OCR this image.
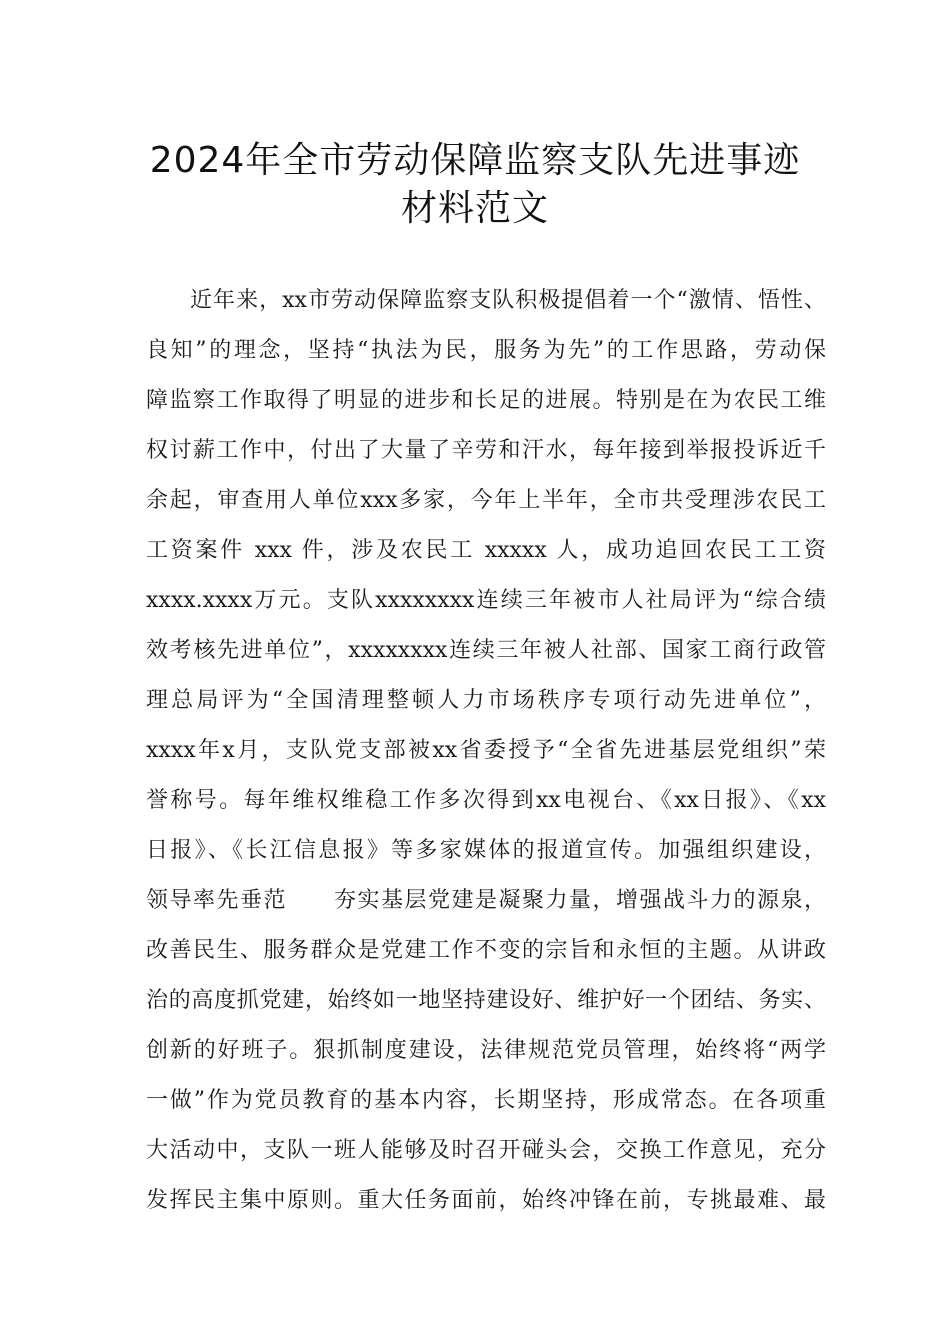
2024年全市劳动保障监察支队先进事迹
材料范文
近年来，xx市劳动保障监察支队积极提倡着一个“激情、悟性、
良知”的理念，坚持“执法为民，服务为先”的工作思路，劳动保
障监察工作取得了明显的进步和长足的进展。特别是在为农民工维
权讨薪工作中，付出了大量了辛劳和汗水，每年接到举报投诉近千
余起，审查用人单位xxx多家，今年上半年，全市共受理涉农民工
工资案件 xxx 件，涉及农民工 xxxxx 人，成功追回农民工工资
xxxx.xxxx万元。支队xxxxxxxx连续三年被市人社局评为“综合绩
效考核先进单位”，xxxxxxxx连续三年被人社部、国家工商行政管
理总局评为“全国清理整顿人力市场秩序专项行动先进单位”，
xxxx年x月，支队党支部被xx省委授予“全省先进基层党组织”荣
誉称号。每年维权维稳工作多次得到xx电视台、《xx日报》、《xx
日报》、《长江信息报》等多家媒体的报道宣传。加强组织建设，
领导率先垂范　　夯实基层党建是凝聚力量，增强战斗力的源泉，
改善民生、服务群众是党建工作不变的宗旨和永恒的主题。从讲政
治的高度抓党建，始终如一地坚持建设好、维护好一个团结、务实、
创新的好班子。狠抓制度建设，法律规范党员管理，始终将“两学
一做”作为党员教育的基本内容，长期坚持，形成常态。在各项重
大活动中，支队一班人能够及时召开碰头会，交换工作意见，充分
发挥民主集中原则。重大任务面前，始终冲锋在前，专挑最难、最
